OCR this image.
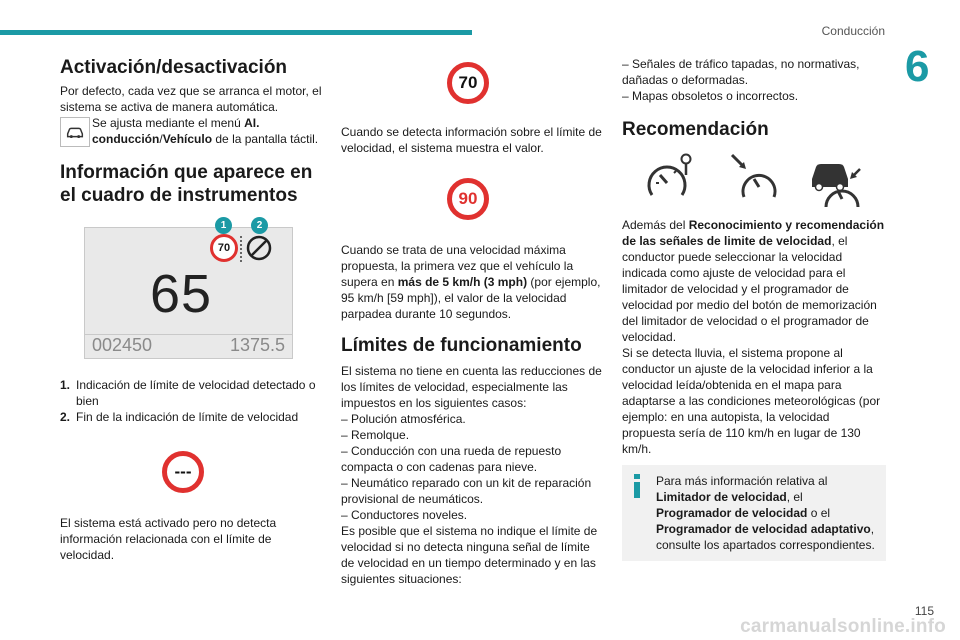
Conducción
6
Activación/desactivación

Por defecto, cada vez que se arranca el motor, el sistema se activa de manera automática.

Se ajusta mediante el menú AI. conducción/Vehículo de la pantalla táctil.

Información que aparece en el cuadro de instrumentos
70
1	2
65
002450	1375.5

1. Indicación de límite de velocidad detectado o bien

2. Fin de la indicación de límite de velocidad

---

El sistema está activado pero no detecta información relacionada con el límite de velocidad.

70

Cuando se detecta información sobre el límite de velocidad, el sistema muestra el valor.

90

Cuando se trata de una velocidad máxima propuesta, la primera vez que el vehículo la supera en más de 5 km/h (3 mph) (por ejemplo, 95 km/h [59 mph]), el valor de la velocidad parpadea durante 10 segundos.

Límites de funcionamiento

El sistema no tiene en cuenta las reducciones de los límites de velocidad, especialmente las impuestos en los siguientes casos:

– Polución atmosférica.

– Remolque.

– Conducción con una rueda de repuesto compacta o con cadenas para nieve.

– Neumático reparado con un kit de reparación provisional de neumáticos.

– Conductores noveles.

Es posible que el sistema no indique el límite de velocidad si no detecta ninguna señal de límite de velocidad en un tiempo determinado y en las siguientes situaciones:

– Señales de tráfico tapadas, no normativas, dañadas o deformadas.

– Mapas obsoletos o incorrectos.

Recomendación

Además del Reconocimiento y recomendación de las señales de limite de velocidad, el conductor puede seleccionar la velocidad indicada como ajuste de velocidad para el limitador de velocidad y el programador de velocidad por medio del botón de memorización del limitador de velocidad o el programador de velocidad.

Si se detecta lluvia, el sistema propone al conductor un ajuste de la velocidad inferior a la velocidad leída/obtenida en el mapa para adaptarse a las condiciones meteorológicas (por ejemplo: en una autopista, la velocidad propuesta sería de 110 km/h en lugar de 130 km/h.

Para más información relativa al Limitador de velocidad, el Programador de velocidad o el Programador de velocidad adaptativo, consulte los apartados correspondientes.

115
carmanualsonline.info
